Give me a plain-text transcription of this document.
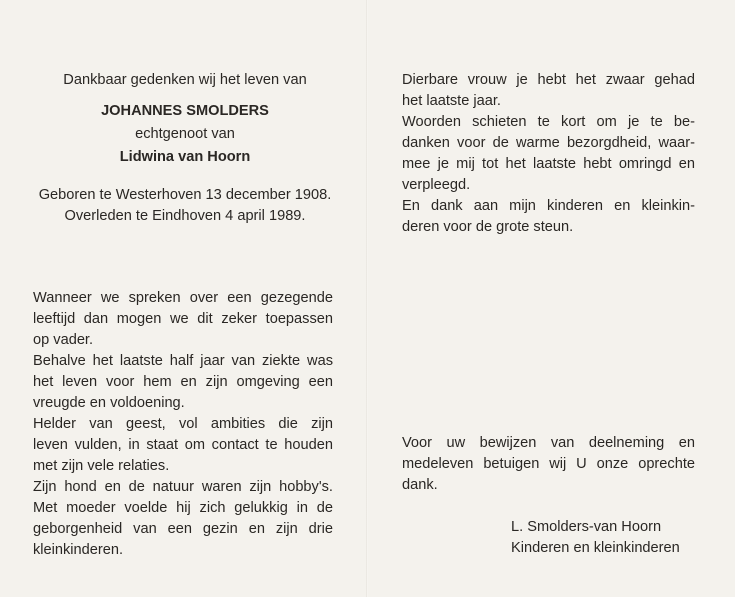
Dankbaar gedenken wij het leven van
JOHANNES SMOLDERS
echtgenoot van
Lidwina van Hoorn
Geboren te Westerhoven 13 december 1908.
Overleden te Eindhoven 4 april 1989.
Wanneer we spreken over een gezegende
leeftijd dan mogen we dit zeker toepassen
op vader.
Behalve het laatste half jaar van ziekte was
het leven voor hem en zijn omgeving een
vreugde en voldoening.
Helder van geest, vol ambities die zijn
leven vulden, in staat om contact te houden
met zijn vele relaties.
Zijn hond en de natuur waren zijn hobby's.
Met moeder voelde hij zich gelukkig in de
geborgenheid van een gezin en zijn drie
kleinkinderen.
Dierbare vrouw je hebt het zwaar gehad
het laatste jaar.
Woorden schieten te kort om je te be-
danken voor de warme bezorgdheid, waar-
mee je mij tot het laatste hebt omringd en
verpleegd.
En dank aan mijn kinderen en kleinkin-
deren voor de grote steun.
Voor uw bewijzen van deelneming en
medeleven betuigen wij U onze oprechte
dank.
L. Smolders-van Hoorn
Kinderen en kleinkinderen
